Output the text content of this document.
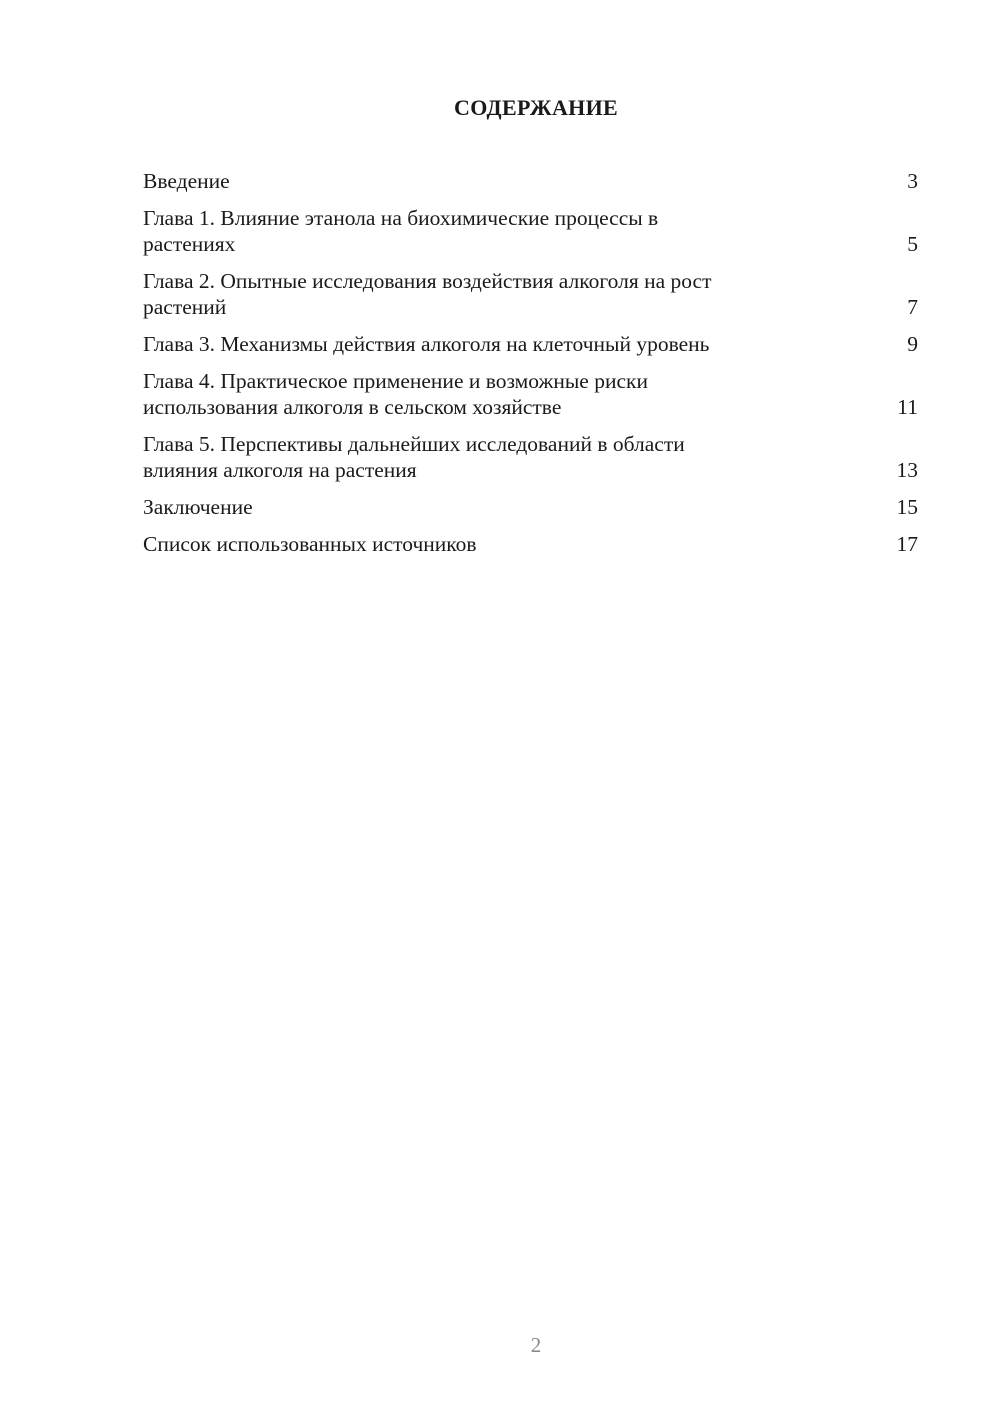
СОДЕРЖАНИЕ
Введение	3
Глава 1. Влияние этанола на биохимические процессы в
растениях	5
Глава 2. Опытные исследования воздействия алкоголя на рост
растений	7
Глава 3. Механизмы действия алкоголя на клеточный уровень	9
Глава 4. Практическое применение и возможные риски
использования алкоголя в сельском хозяйстве	11
Глава 5. Перспективы дальнейших исследований в области
влияния алкоголя на растения	13
Заключение	15
Список использованных источников	17
2
